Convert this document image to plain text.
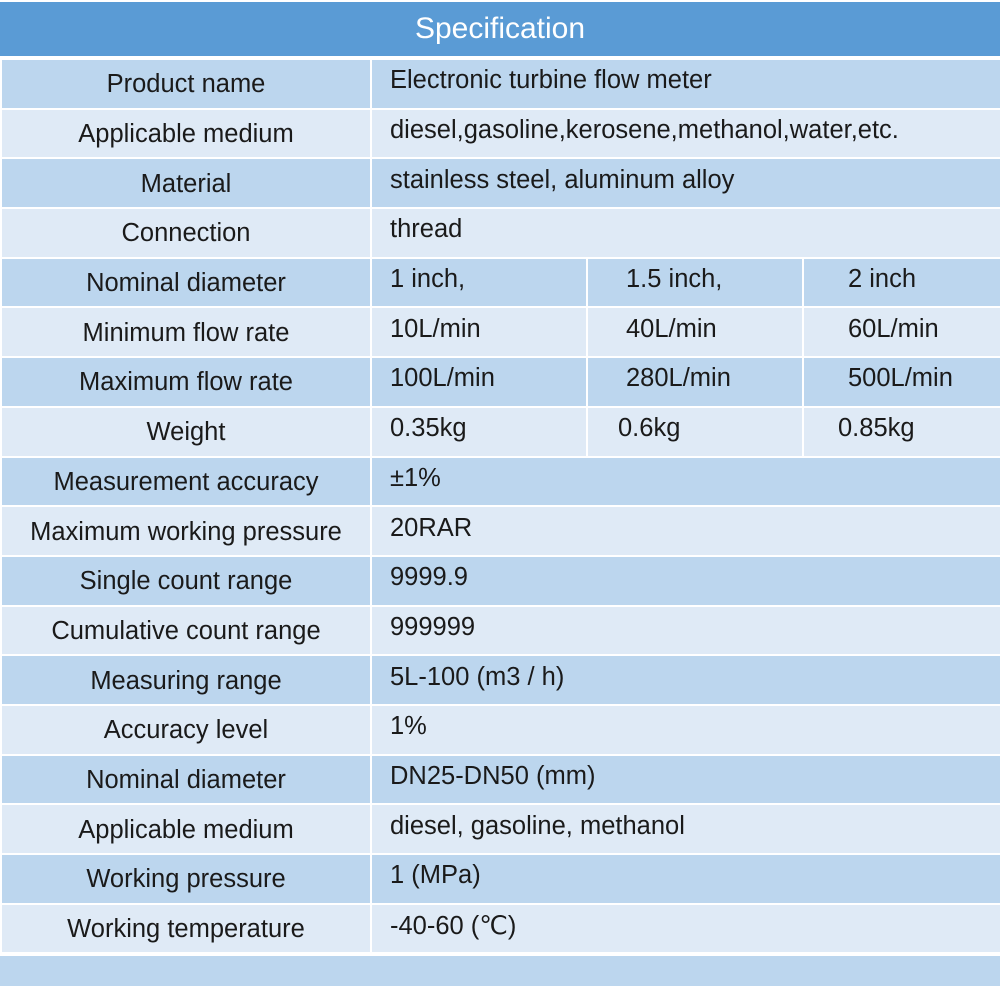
Specification
Product name	Electronic turbine flow meter		
Applicable medium	diesel,gasoline,kerosene,methanol,water,etc.		
Material	stainless steel, aluminum alloy		
Connection	thread		
Nominal diameter	1 inch,	1.5 inch,	2 inch
Minimum flow rate	10L/min	40L/min	60L/min
Maximum flow rate	100L/min	280L/min	500L/min
Weight	0.35kg	0.6kg	0.85kg
Measurement accuracy	±1%		
Maximum working pressure	20RAR		
Single count range	9999.9		
Cumulative count range	999999		
Measuring range	5L-100 (m3 / h)		
Accuracy level	1%		
Nominal diameter	DN25-DN50 (mm)		
Applicable medium	diesel, gasoline, methanol		
Working pressure	1 (MPa)		
Working temperature	-40-60 (℃)		
